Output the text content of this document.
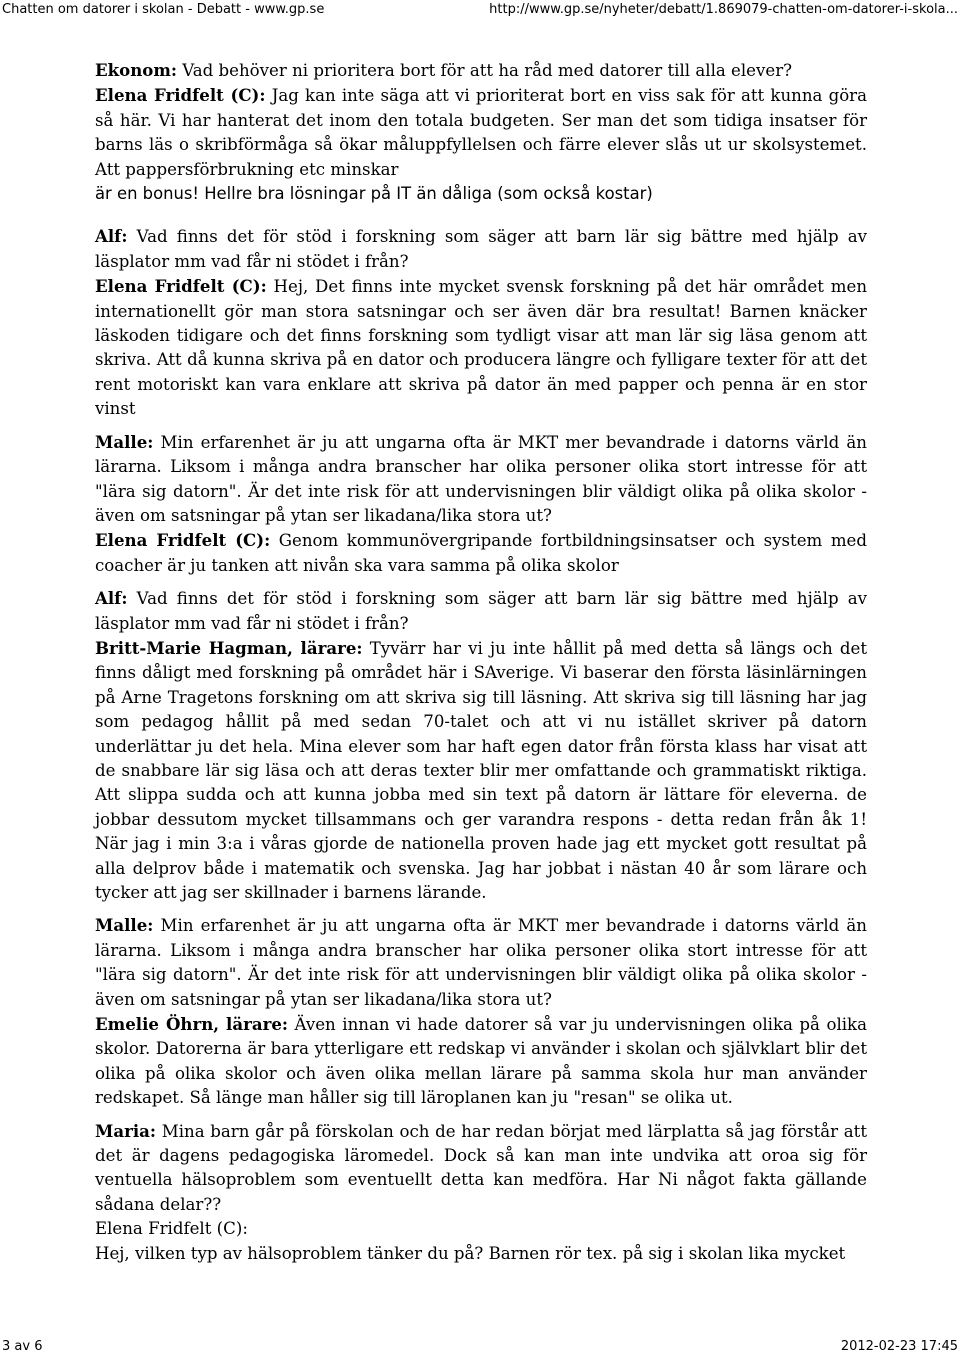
Chatten om datorer i skolan - Debatt - www.gp.se	http://www.gp.se/nyheter/debatt/1.869079-chatten-om-datorer-i-skola...
Ekonom: Vad behöver ni prioritera bort för att ha råd med datorer till alla elever?
Elena Fridfelt (C): Jag kan inte säga att vi prioriterat bort en viss sak för att kunna göra så här. Vi har hanterat det inom den totala budgeten. Ser man det som tidiga insatser för barns läs o skribförmåga så ökar måluppfyllelsen och färre elever slås ut ur skolsystemet. Att pappersförbrukning etc minskar
är en bonus! Hellre bra lösningar på IT än dåliga (som också kostar)
Alf: Vad finns det för stöd i forskning som säger att barn lär sig bättre med hjälp av läsplator mm vad får ni stödet i från?
Elena Fridfelt (C): Hej, Det finns inte mycket svensk forskning på det här området men internationellt gör man stora satsningar och ser även där bra resultat! Barnen knäcker läskoden tidigare och det finns forskning som tydligt visar att man lär sig läsa genom att skriva. Att då kunna skriva på en dator och producera längre och fylligare texter för att det rent motoriskt kan vara enklare att skriva på dator än med papper och penna är en stor vinst
Malle: Min erfarenhet är ju att ungarna ofta är MKT mer bevandrade i datorns värld än lärarna. Liksom i många andra branscher har olika personer olika stort intresse för att "lära sig datorn". Är det inte risk för att undervisningen blir väldigt olika på olika skolor - även om satsningar på ytan ser likadana/lika stora ut?
Elena Fridfelt (C): Genom kommunövergripande fortbildningsinsatser och system med coacher är ju tanken att nivån ska vara samma på olika skolor
Alf: Vad finns det för stöd i forskning som säger att barn lär sig bättre med hjälp av läsplator mm vad får ni stödet i från?
Britt-Marie Hagman, lärare: Tyvärr har vi ju inte hållit på med detta så längs och det finns dåligt med forskning på området här i SAverige. Vi baserar den första läsinlärningen på Arne Tragetons forskning om att skriva sig till läsning. Att skriva sig till läsning har jag som pedagog hållit på med sedan 70-talet och att vi nu istället skriver på datorn underlättar ju det hela. Mina elever som har haft egen dator från första klass har visat att de snabbare lär sig läsa och att deras texter blir mer omfattande och grammatiskt riktiga. Att slippa sudda och att kunna jobba med sin text på datorn är lättare för eleverna. de jobbar dessutom mycket tillsammans och ger varandra respons - detta redan från åk 1! När jag i min 3:a i våras gjorde de nationella proven hade jag ett mycket gott resultat på alla delprov både i matematik och svenska. Jag har jobbat i nästan 40 år som lärare och tycker att jag ser skillnader i barnens lärande.
Malle: Min erfarenhet är ju att ungarna ofta är MKT mer bevandrade i datorns värld än lärarna. Liksom i många andra branscher har olika personer olika stort intresse för att "lära sig datorn". Är det inte risk för att undervisningen blir väldigt olika på olika skolor - även om satsningar på ytan ser likadana/lika stora ut?
Emelie Öhrn, lärare: Även innan vi hade datorer så var ju undervisningen olika på olika skolor. Datorerna är bara ytterligare ett redskap vi använder i skolan och självklart blir det olika på olika skolor och även olika mellan lärare på samma skola hur man använder redskapet. Så länge man håller sig till läroplanen kan ju "resan" se olika ut.
Maria: Mina barn går på förskolan och de har redan börjat med lärplatta så jag förstår att det är dagens pedagogiska läromedel. Dock så kan man inte undvika att oroa sig för ventuella hälsoproblem som eventuellt detta kan medföra. Har Ni något fakta gällande sådana delar??
Elena Fridfelt (C):
Hej, vilken typ av hälsoproblem tänker du på? Barnen rör tex. på sig i skolan lika mycket
3 av 6	2012-02-23 17:45
